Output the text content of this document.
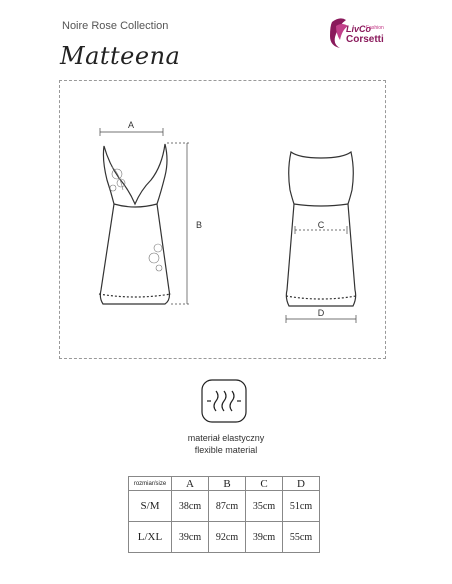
Noire Rose Collection
Matteena
LivCo
Fashion
Corsetti
A
B	C
D
materiał elastyczny
flexible material
rozmiar/size	A	B	C	D
S/M	38cm	87cm	35cm	51cm
L/XL	39cm	92cm	39cm	55cm
